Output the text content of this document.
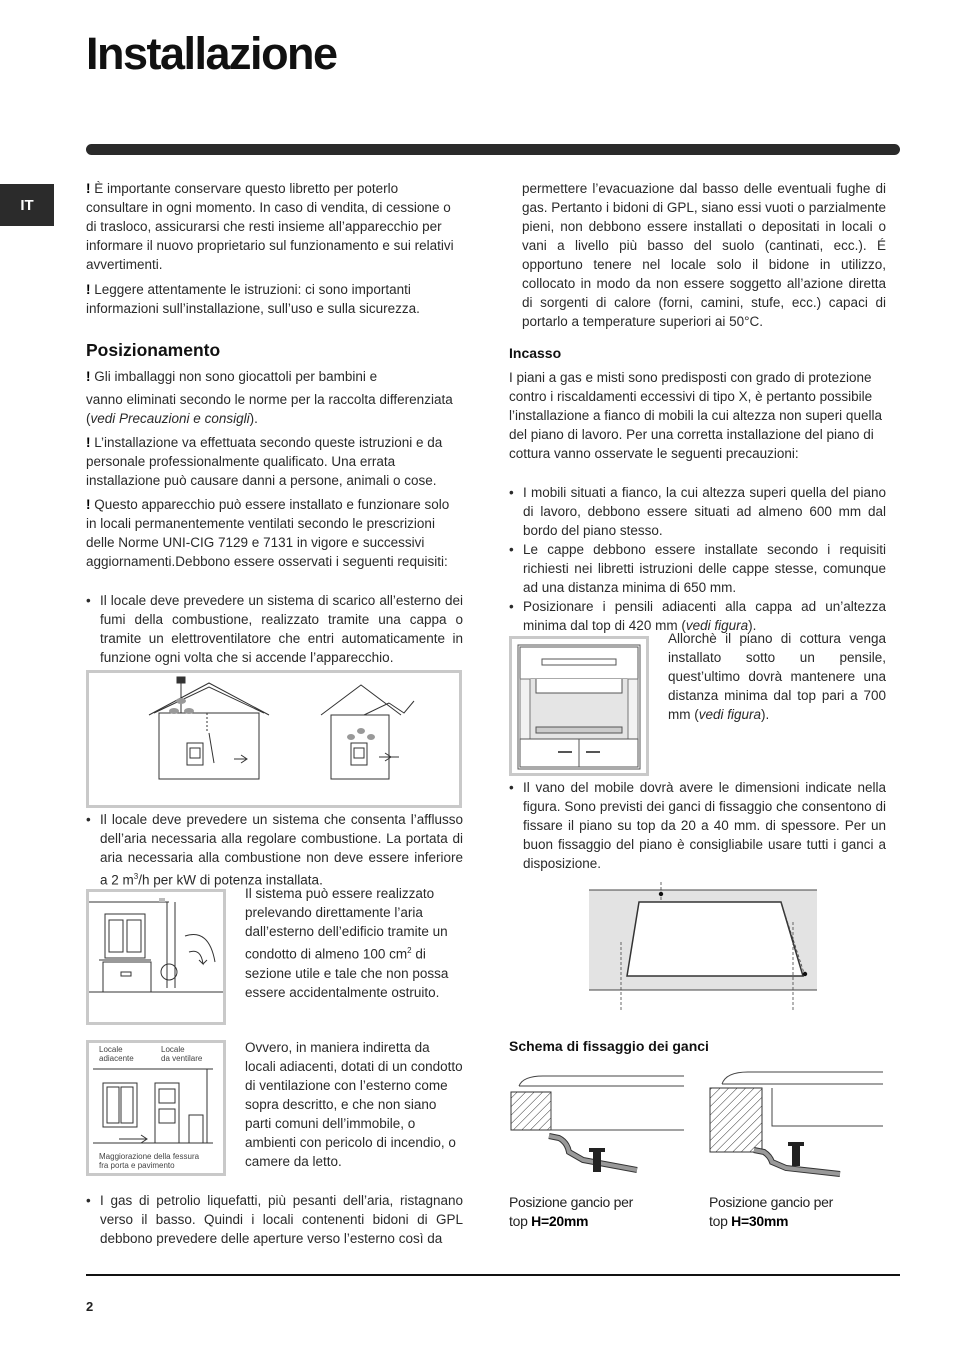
Installazione
IT
! È importante conservare questo libretto per poterlo consultare in ogni momento. In caso di vendita, di cessione o di trasloco, assicurarsi che resti insieme all’apparecchio per informare il nuovo proprietario sul funzionamento e sui relativi avvertimenti.
! Leggere attentamente le istruzioni: ci sono importanti informazioni sull’installazione, sull’uso e sulla sicurezza.
Posizionamento
! Gli imballaggi non sono giocattoli per bambini e
vanno eliminati secondo le norme per la raccolta differenziata (vedi Precauzioni e consigli).
! L’installazione va effettuata secondo queste istruzioni e da personale professionalmente qualificato. Una errata installazione può causare danni a persone, animali o cose.
! Questo apparecchio può essere installato e funzionare solo in locali permanentemente ventilati secondo le prescrizioni delle Norme UNI-CIG 7129 e 7131 in vigore e successivi aggiornamenti.Debbono essere osservati i seguenti requisiti:
• Il locale deve prevedere un sistema di scarico all’esterno dei fumi della combustione, realizzato tramite una cappa o tramite un elettroventilatore che entri automaticamente in funzione ogni volta che si accende l’apparecchio.
• Il locale deve prevedere un sistema che consenta l’afflusso dell’aria necessaria alla regolare combustione. La portata di aria necessaria alla combustione non deve essere inferiore a 2 $m^3/h$ per kW di potenza installata.
Il sistema può essere realizzato prelevando direttamente l’aria dall’esterno dell’edificio tramite un condotto di almeno 100 $cm^2$ di sezione utile e tale che non possa essere accidentalmente ostruito.
Locale
adiacente
Locale
da ventilare
Maggiorazione della fessura
fra porta e pavimento
Ovvero, in maniera indiretta da locali adiacenti, dotati di un condotto di ventilazione con l’esterno come sopra descritto, e che non siano parti comuni dell’immobile, o ambienti con pericolo di incendio, o camere da letto.
• I gas di petrolio liquefatti, più pesanti dell’aria, ristagnano verso il basso. Quindi i locali contenenti bidoni di GPL debbono prevedere delle aperture verso l’esterno così da
permettere l’evacuazione dal basso delle eventuali fughe di gas. Pertanto i bidoni di GPL, siano essi vuoti o parzialmente pieni, non debbono essere installati o depositati in locali o vani a livello più basso del suolo (cantinati, ecc.). É opportuno tenere nel locale solo il bidone in utilizzo, collocato in modo da non essere soggetto all’azione diretta di sorgenti di calore (forni, camini, stufe, ecc.) capaci di portarlo a temperature superiori ai 50°C.
Incasso
I piani a gas e misti sono predisposti con grado di protezione contro i riscaldamenti eccessivi di tipo X, è pertanto possibile l’installazione a fianco di mobili la cui altezza non superi quella del piano di lavoro. Per una corretta installazione del piano di cottura vanno osservate le seguenti precauzioni:
• I mobili situati a fianco, la cui altezza superi quella del piano di lavoro, debbono essere situati ad almeno 600 mm dal bordo del piano stesso.
• Le cappe debbono essere installate secondo i requisiti richiesti nei libretti istruzioni delle cappe stesse, comunque ad una distanza minima di 650 mm.
• Posizionare i pensili adiacenti alla cappa ad un’altezza minima dal top di 420 mm (vedi figura).
Allorchè il piano di cottura venga installato sotto un pensile, quest’ultimo dovrà mantenere una distanza minima dal top pari a 700 mm (vedi figura).
• Il vano del mobile dovrà avere le dimensioni indicate nella figura. Sono previsti dei ganci di fissaggio che consentono di fissare il piano su top da 20 a 40 mm. di spessore. Per un buon fissaggio del piano è consigliabile usare tutti i ganci a disposizione.
Schema di fissaggio dei ganci
Posizione gancio per
top H=20mm
Posizione gancio per
top H=30mm
2
